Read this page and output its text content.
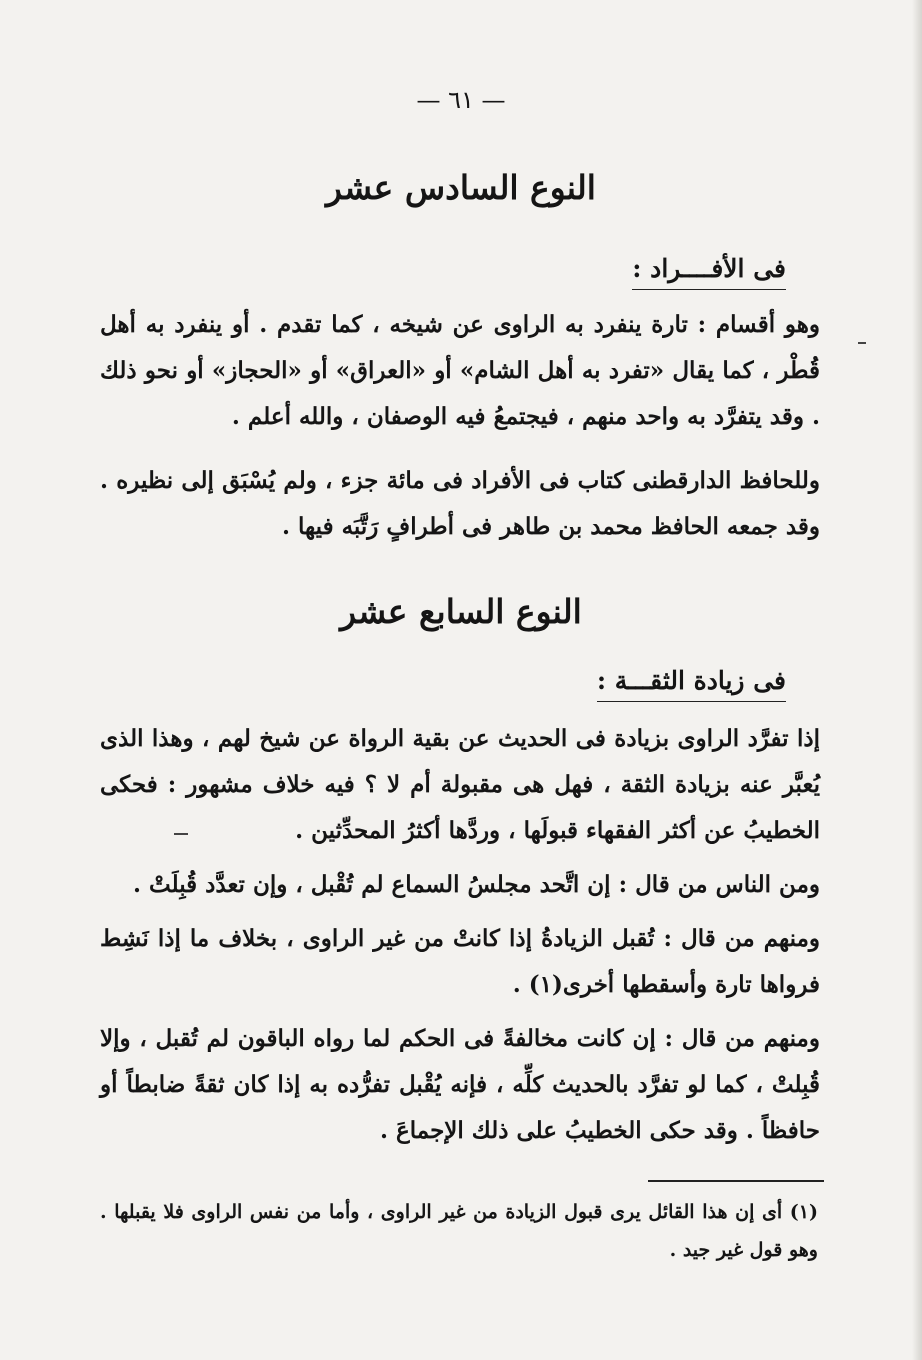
— ٦١ —
النوع السادس عشر
فى الأفــــراد :

وهو أقسام : تارة ينفرد به الراوى عن شيخه ، كما تقدم . أو ينفرد به أهل قُطْر ، كما يقال «تفرد به أهل الشام» أو «العراق» أو «الحجاز» أو نحو ذلك . وقد يتفرَّد به واحد منهم ، فيجتمعُ فيه الوصفان ، والله أعلم .

وللحافظ الدارقطنى كتاب فى الأفراد فى مائة جزء ، ولم يُسْبَق إلى نظيره . وقد جمعه الحافظ محمد بن طاهر فى أطرافٍ رَتَّبَه فيها .

النوع السابع عشر
فى زيادة الثقـــة :

إذا تفرَّد الراوى بزيادة فى الحديث عن بقية الرواة عن شيخ لهم ، وهذا الذى يُعبَّر عنه بزيادة الثقة ، فهل هى مقبولة أم لا ؟ فيه خلاف مشهور : فحكى الخطيبُ عن أكثر الفقهاء قبولَها ، وردَّها أكثرُ المحدِّثين .

ومن الناس من قال : إن اتَّحد مجلسُ السماع لم تُقْبل ، وإن تعدَّد قُبِلَتْ .

ومنهم من قال : تُقبل الزيادةُ إذا كانتْ من غير الراوى ، بخلاف ما إذا نَشِط فرواها تارة وأسقطها أخرى(١) .

ومنهم من قال : إن كانت مخالفةً فى الحكم لما رواه الباقون لم تُقبل ، وإلا قُبِلتْ ، كما لو تفرَّد بالحديث كلِّه ، فإنه يُقْبل تفرُّده به إذا كان ثقةً ضابطاً أو حافظاً . وقد حكى الخطيبُ على ذلك الإجماعَ .

(١) أى إن هذا القائل يرى قبول الزيادة من غير الراوى ، وأما من نفس الراوى فلا يقبلها . وهو قول غير جيد .
